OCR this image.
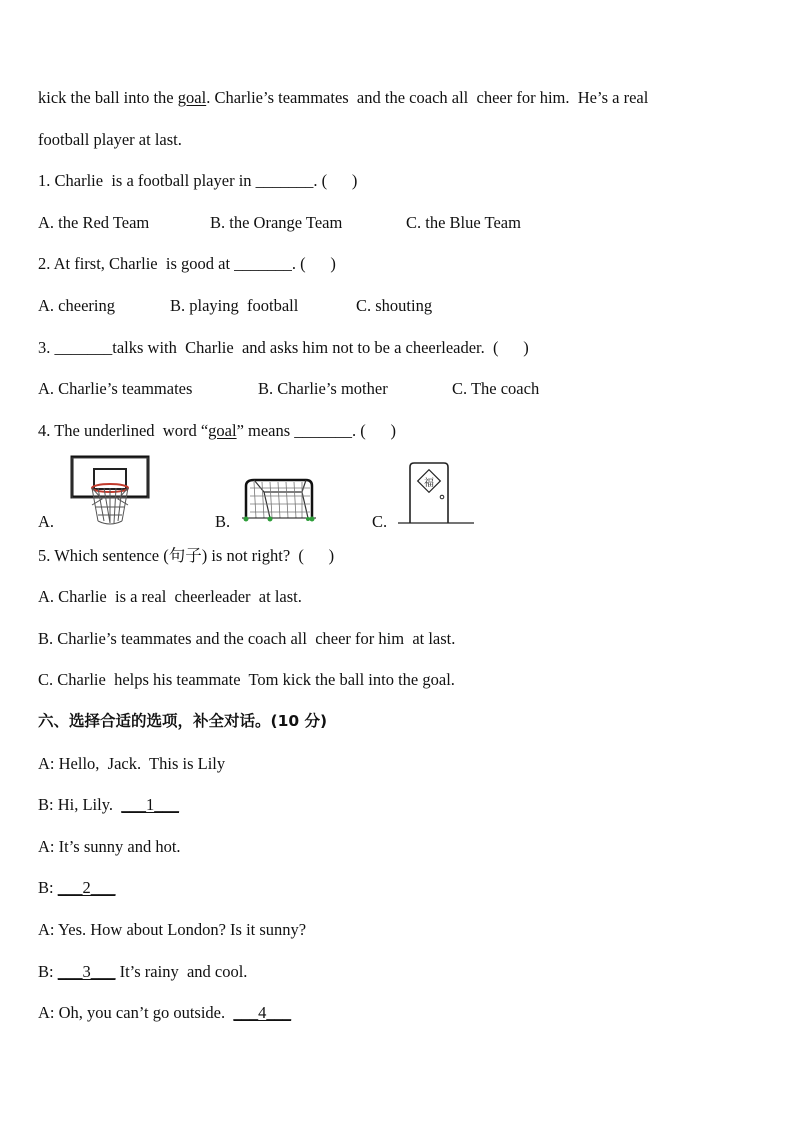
kick the ball into the goal. Charlie’s teammates  and the coach all  cheer for him.  He’s a real
football player at last.
1. Charlie  is a football player in _______. (      )
A. the Red Team	B. the Orange Team	C. the Blue Team
2. At first, Charlie  is good at _______. (      )
A. cheering	B. playing  football	C. shouting
3. _______talks with  Charlie  and asks him not to be a cheerleader.  (      )
A. Charlie’s teammates	B. Charlie’s mother	C. The coach
4. The underlined  word “goal” means _______. (      )
A.	B.	C.
福
5. Which sentence (句子) is not right?  (      )
A. Charlie  is a real  cheerleader  at last.
B. Charlie’s teammates and the coach all  cheer for him  at last.
C. Charlie  helps his teammate  Tom kick the ball into the goal.
六、选择合适的选项，补全对话。(10 分)
A: Hello,  Jack.  This is Lily
B: Hi, Lily.  ___1___
A: It’s sunny and hot.
B: ___2___
A: Yes. How about London? Is it sunny?
B: ___3___ It’s rainy  and cool.
A: Oh, you can’t go outside.  ___4___
